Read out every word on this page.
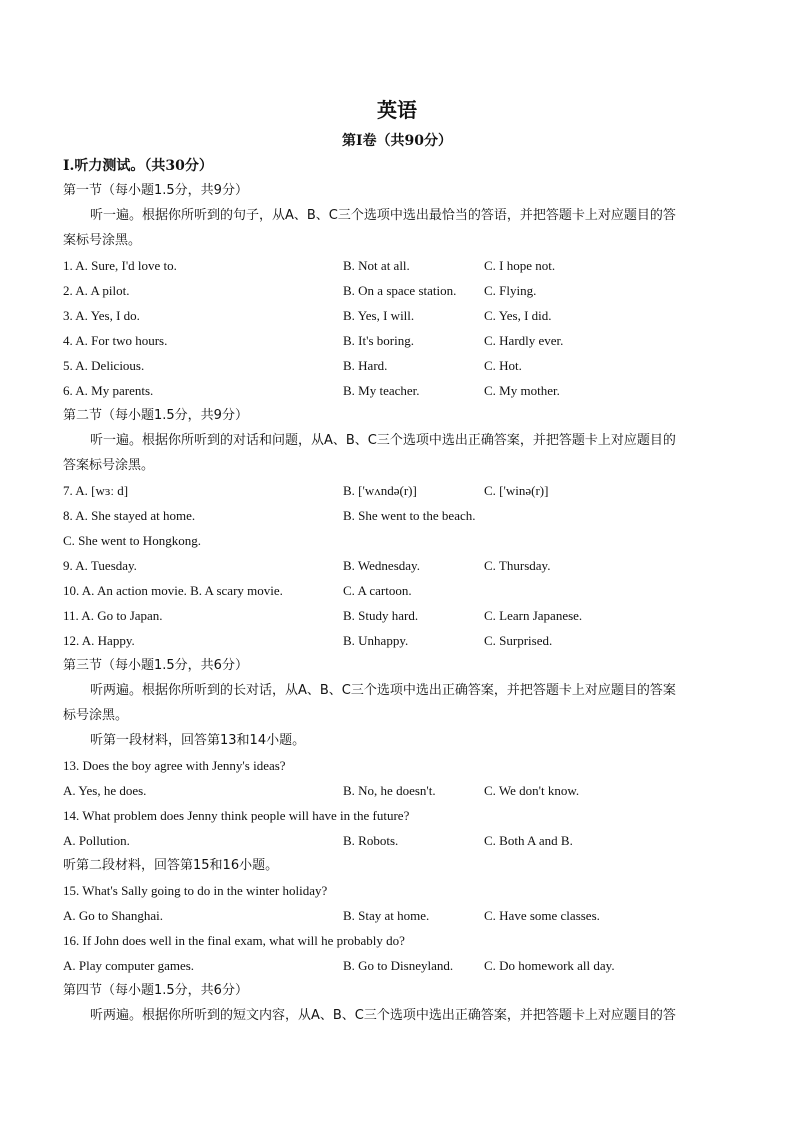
英语
第Ⅰ卷（共90分）
Ⅰ.听力测试。（共30分）
第一节（每小题1.5分，共9分）
听一遍。根据你所听到的句子，从A、B、C三个选项中选出最恰当的答语，并把答题卡上对应题目的答
案标号涂黑。
1. A. Sure, I'd love to.	B. Not at all.	C. I hope not.
2. A. A pilot.	B. On a space station. C. Flying.
3. A. Yes, I do.	B. Yes, I will.	C. Yes, I did.
4. A. For two hours.	B. It's boring.	C. Hardly ever.
5. A. Delicious.	B. Hard.	C. Hot.
6. A. My parents.	B. My teacher.	C. My mother.
第二节（每小题1.5分，共9分）
听一遍。根据你所听到的对话和问题，从A、B、C三个选项中选出正确答案，并把答题卡上对应题目的
答案标号涂黑。
7. A. [wɜː d]	B. ['wʌndə(r)]	C. ['winə(r)]
8. A. She stayed at home.	B. She went to the beach.
C. She went to Hongkong.
9. A. Tuesday.	B. Wednesday.	C. Thursday.
10. A. An action movie. B. A scary movie.	C. A cartoon.
11. A. Go to Japan.	B. Study hard.	C. Learn Japanese.
12. A. Happy.	B. Unhappy.	C. Surprised.
第三节（每小题1.5分，共6分）
听两遍。根据你所听到的长对话，从A、B、C三个选项中选出正确答案，并把答题卡上对应题目的答案
标号涂黑。
听第一段材料，回答第13和14小题。
13. Does the boy agree with Jenny's ideas?
A. Yes, he does.	B. No, he doesn't.	C. We don't know.
14. What problem does Jenny think people will have in the future?
A. Pollution.	B. Robots.	C. Both A and B.
听第二段材料，回答第15和16小题。
15. What's Sally going to do in the winter holiday?
A. Go to Shanghai.	B. Stay at home.	C. Have some classes.
16. If John does well in the final exam, what will he probably do?
A. Play computer games.	B. Go to Disneyland. C. Do homework all day.
第四节（每小题1.5分，共6分）
听两遍。根据你所听到的短文内容，从A、B、C三个选项中选出正确答案，并把答题卡上对应题目的答
